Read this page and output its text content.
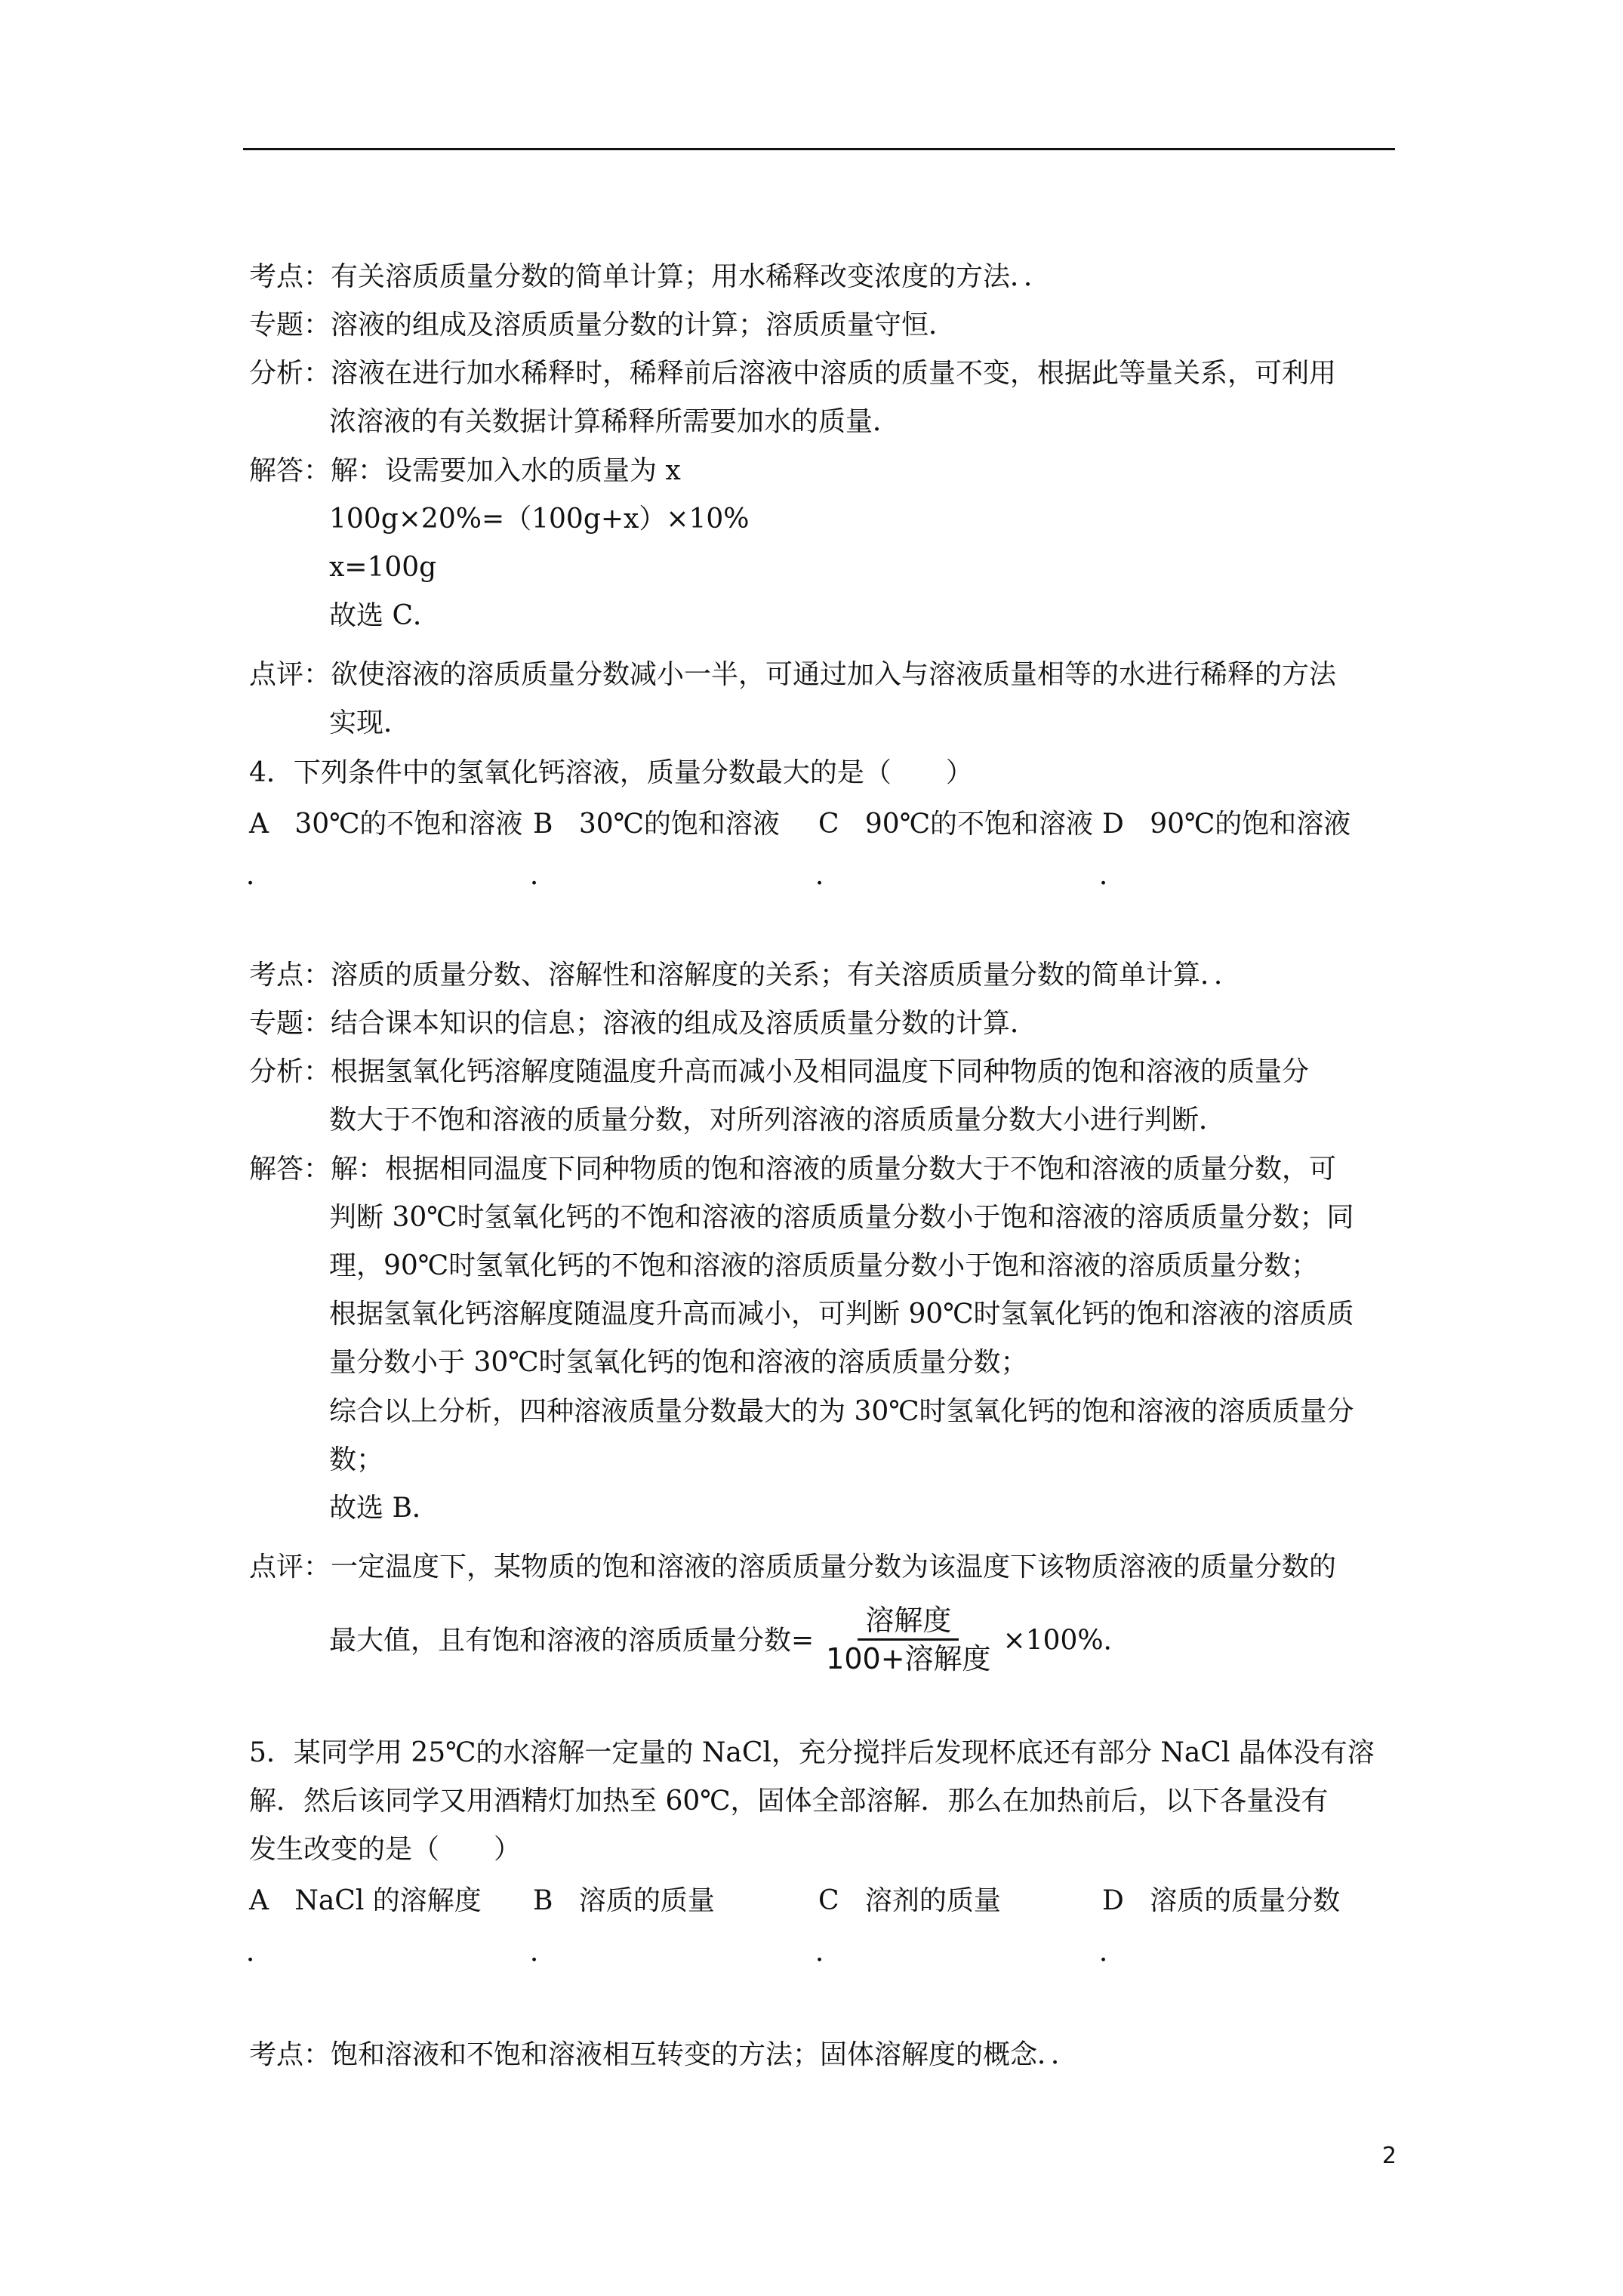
考点：有关溶质质量分数的简单计算；用水稀释改变浓度的方法．．
专题：溶液的组成及溶质质量分数的计算；溶质质量守恒．
分析：溶液在进行加水稀释时，稀释前后溶液中溶质的质量不变，根据此等量关系，可利用
浓溶液的有关数据计算稀释所需要加水的质量．
解答：解：设需要加入水的质量为 x
100g×20%=（100g+x）×10%
x=100g
故选 C．
点评：欲使溶液的溶质质量分数减小一半，可通过加入与溶液质量相等的水进行稀释的方法
实现．
4．下列条件中的氢氧化钙溶液，质量分数最大的是（　　）
A 30℃的不饱和溶液 B 30℃的饱和溶液 C 90℃的不饱和溶液 D 90℃的饱和溶液
．	．	．	．
考点：溶质的质量分数、溶解性和溶解度的关系；有关溶质质量分数的简单计算．．
专题：结合课本知识的信息；溶液的组成及溶质质量分数的计算．
分析：根据氢氧化钙溶解度随温度升高而减小及相同温度下同种物质的饱和溶液的质量分
数大于不饱和溶液的质量分数，对所列溶液的溶质质量分数大小进行判断．
解答：解：根据相同温度下同种物质的饱和溶液的质量分数大于不饱和溶液的质量分数，可
判断 30℃时氢氧化钙的不饱和溶液的溶质质量分数小于饱和溶液的溶质质量分数；同
理，90℃时氢氧化钙的不饱和溶液的溶质质量分数小于饱和溶液的溶质质量分数；
根据氢氧化钙溶解度随温度升高而减小，可判断 90℃时氢氧化钙的饱和溶液的溶质质
量分数小于 30℃时氢氧化钙的饱和溶液的溶质质量分数；
综合以上分析，四种溶液质量分数最大的为 30℃时氢氧化钙的饱和溶液的溶质质量分
数；
故选 B．
点评：一定温度下，某物质的饱和溶液的溶质质量分数为该温度下该物质溶液的质量分数的
最大值，且有饱和溶液的溶质质量分数= $\frac{\text{溶解度}}{\text{100+溶解度}} \times 100\%$．
5．某同学用 25℃的水溶解一定量的 NaCl，充分搅拌后发现杯底还有部分 NaCl 晶体没有溶
解．然后该同学又用酒精灯加热至 60℃，固体全部溶解．那么在加热前后，以下各量没有
发生改变的是（　　）
A NaCl 的溶解度 B 溶质的质量	C 溶剂的质量	D 溶质的质量分数
．	．	．	．
考点：饱和溶液和不饱和溶液相互转变的方法；固体溶解度的概念．．
2
